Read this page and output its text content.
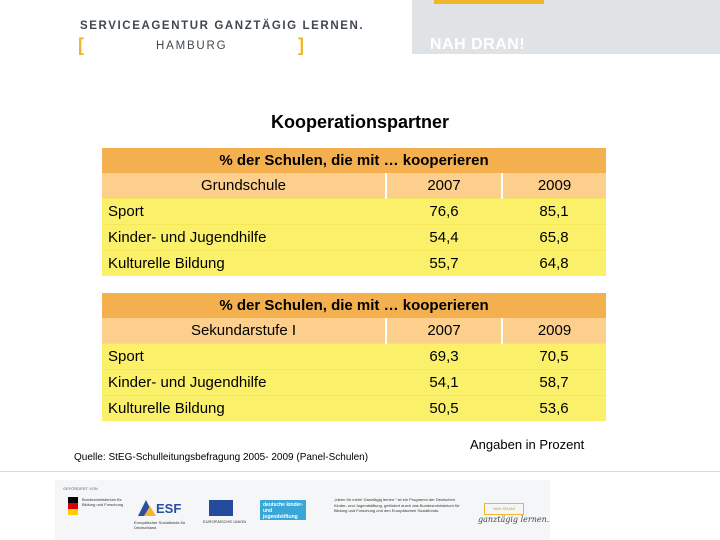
SERVICEAGENTUR GANZTÄGIG LERNEN.
[	HAMBURG	]	NAH DRAN!
Kooperationspartner
% der Schulen, die mit … kooperieren		
Grundschule	2007	2009
Sport	76,6	85,1
Kinder- und Jugendhilfe	54,4	65,8
Kulturelle Bildung	55,7	64,8
% der Schulen, die mit … kooperieren		
Sekundarstufe I	2007	2009
Sport	69,3	70,5
Kinder- und Jugendhilfe	54,1	58,7
Kulturelle Bildung	50,5	53,6
Angaben in Prozent
Quelle: StEG-Schulleitungsbefragung 2005- 2009 (Panel-Schulen)
GEFÖRDERT VON
Bundesministerium für Bildung und Forschung	ESF
Europäischer Sozialfonds für Deutschland
EUROPÄISCHE UNION
deutsche kinder- und jugendstiftung
„Ideen für mehr! Ganztägig lernen.“ ist ein Programm der Deutschen Kinder- und Jugendstiftung, gefördert durch das Bundesministerium für Bildung und Forschung und den Europäischen Sozialfonds.	NAH DRAN!
ganztägig lernen.
